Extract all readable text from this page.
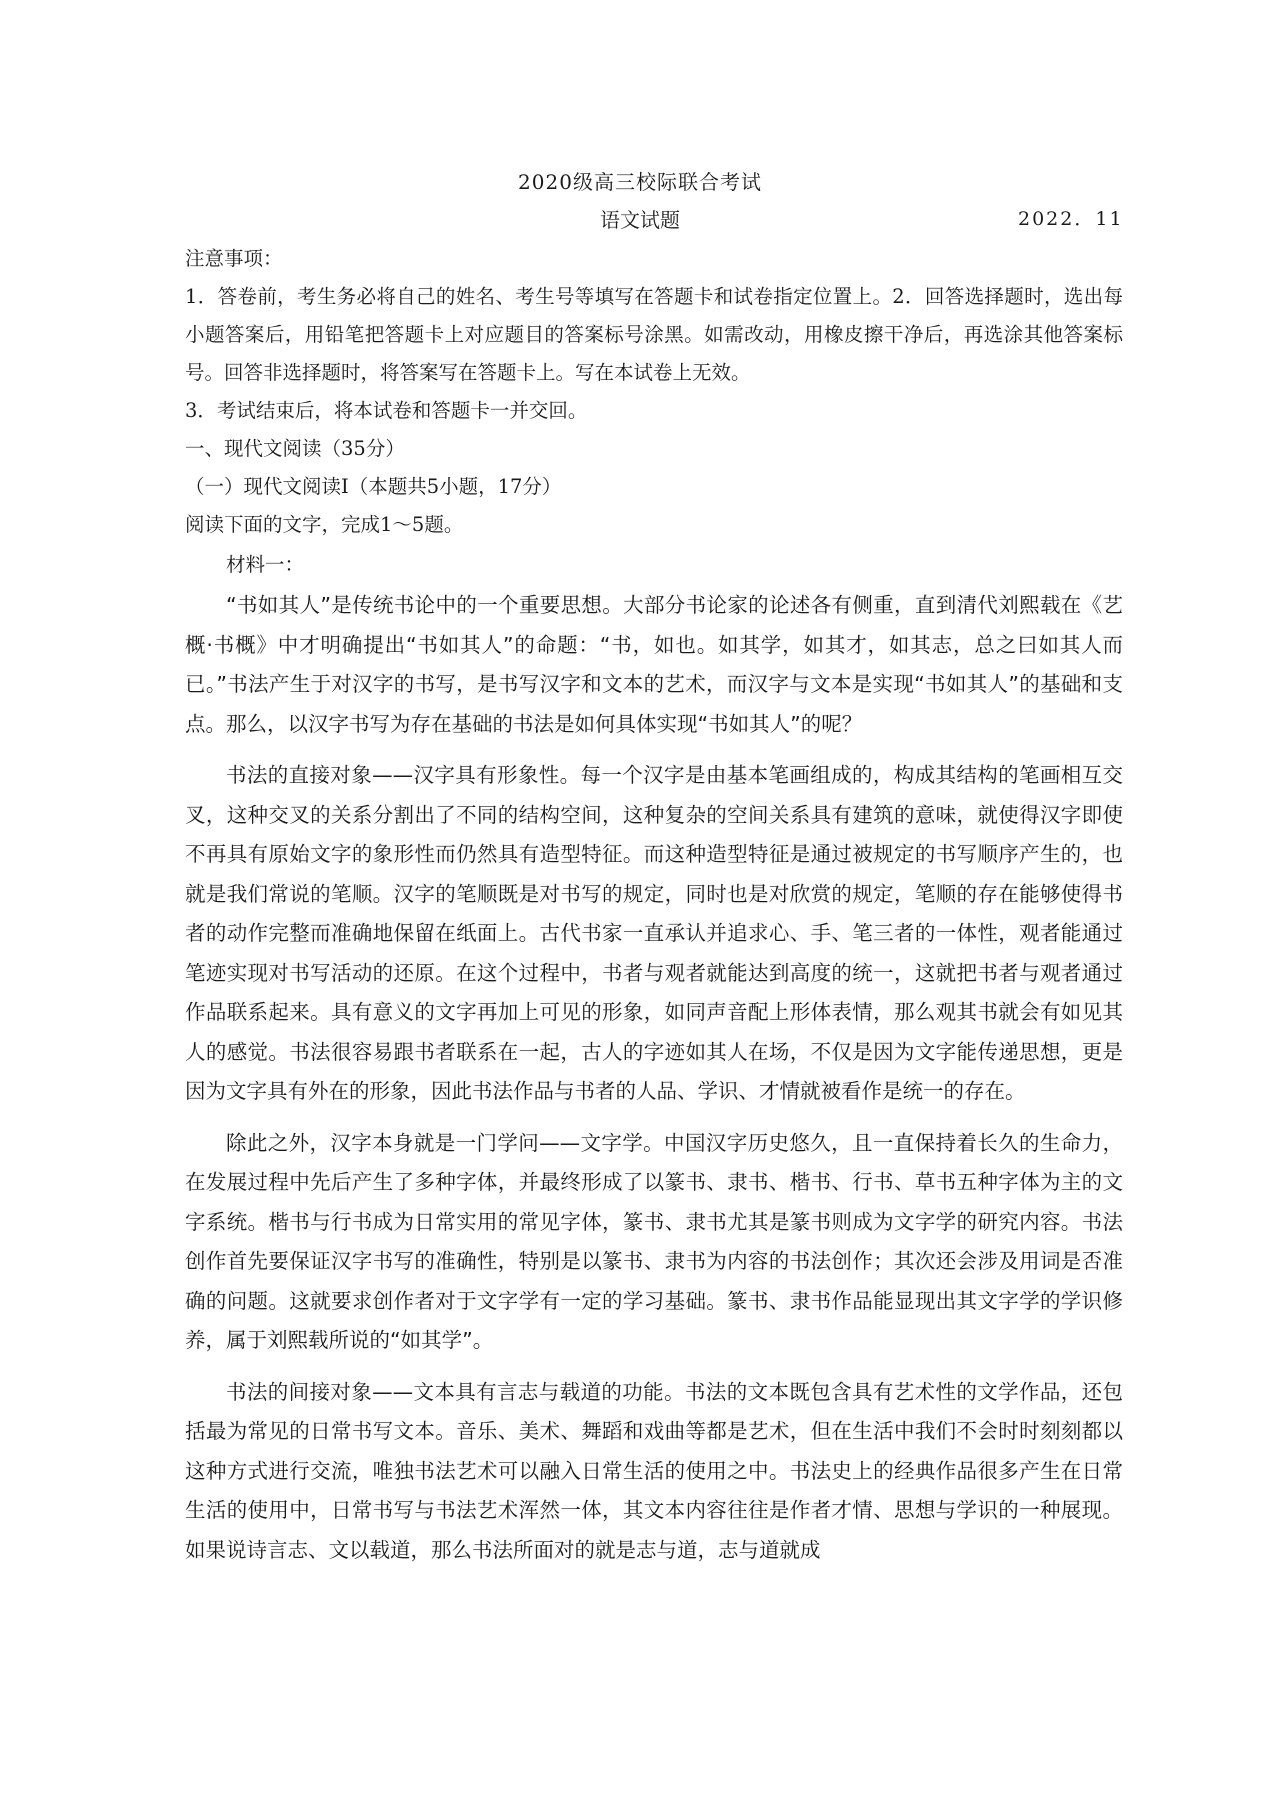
2020级高三校际联合考试
语文试题	2022．11

注意事项：

1．答卷前，考生务必将自己的姓名、考生号等填写在答题卡和试卷指定位置上。2．回答选择题时，选出每小题答案后，用铅笔把答题卡上对应题目的答案标号涂黑。如需改动，用橡皮擦干净后，再选涂其他答案标号。回答非选择题时，将答案写在答题卡上。写在本试卷上无效。

3．考试结束后，将本试卷和答题卡一并交回。

一、现代文阅读（35分）

（一）现代文阅读Ⅰ（本题共5小题，17分）

阅读下面的文字，完成1～5题。

材料一：

“书如其人”是传统书论中的一个重要思想。大部分书论家的论述各有侧重，直到清代刘熙载在《艺概·书概》中才明确提出“书如其人”的命题：“书，如也。如其学，如其才，如其志，总之曰如其人而已。”书法产生于对汉字的书写，是书写汉字和文本的艺术，而汉字与文本是实现“书如其人”的基础和支点。那么，以汉字书写为存在基础的书法是如何具体实现“书如其人”的呢？

书法的直接对象——汉字具有形象性。每一个汉字是由基本笔画组成的，构成其结构的笔画相互交叉，这种交叉的关系分割出了不同的结构空间，这种复杂的空间关系具有建筑的意味，就使得汉字即使不再具有原始文字的象形性而仍然具有造型特征。而这种造型特征是通过被规定的书写顺序产生的，也就是我们常说的笔顺。汉字的笔顺既是对书写的规定，同时也是对欣赏的规定，笔顺的存在能够使得书者的动作完整而准确地保留在纸面上。古代书家一直承认并追求心、手、笔三者的一体性，观者能通过笔迹实现对书写活动的还原。在这个过程中，书者与观者就能达到高度的统一，这就把书者与观者通过作品联系起来。具有意义的文字再加上可见的形象，如同声音配上形体表情，那么观其书就会有如见其人的感觉。书法很容易跟书者联系在一起，古人的字迹如其人在场，不仅是因为文字能传递思想，更是因为文字具有外在的形象，因此书法作品与书者的人品、学识、才情就被看作是统一的存在。

除此之外，汉字本身就是一门学问——文字学。中国汉字历史悠久，且一直保持着长久的生命力，在发展过程中先后产生了多种字体，并最终形成了以篆书、隶书、楷书、行书、草书五种字体为主的文字系统。楷书与行书成为日常实用的常见字体，篆书、隶书尤其是篆书则成为文字学的研究内容。书法创作首先要保证汉字书写的准确性，特别是以篆书、隶书为内容的书法创作；其次还会涉及用词是否准确的问题。这就要求创作者对于文字学有一定的学习基础。篆书、隶书作品能显现出其文字学的学识修养，属于刘熙载所说的“如其学”。

书法的间接对象——文本具有言志与载道的功能。书法的文本既包含具有艺术性的文学作品，还包括最为常见的日常书写文本。音乐、美术、舞蹈和戏曲等都是艺术，但在生活中我们不会时时刻刻都以这种方式进行交流，唯独书法艺术可以融入日常生活的使用之中。书法史上的经典作品很多产生在日常生活的使用中，日常书写与书法艺术浑然一体，其文本内容往往是作者才情、思想与学识的一种展现。如果说诗言志、文以载道，那么书法所面对的就是志与道，志与道就成
